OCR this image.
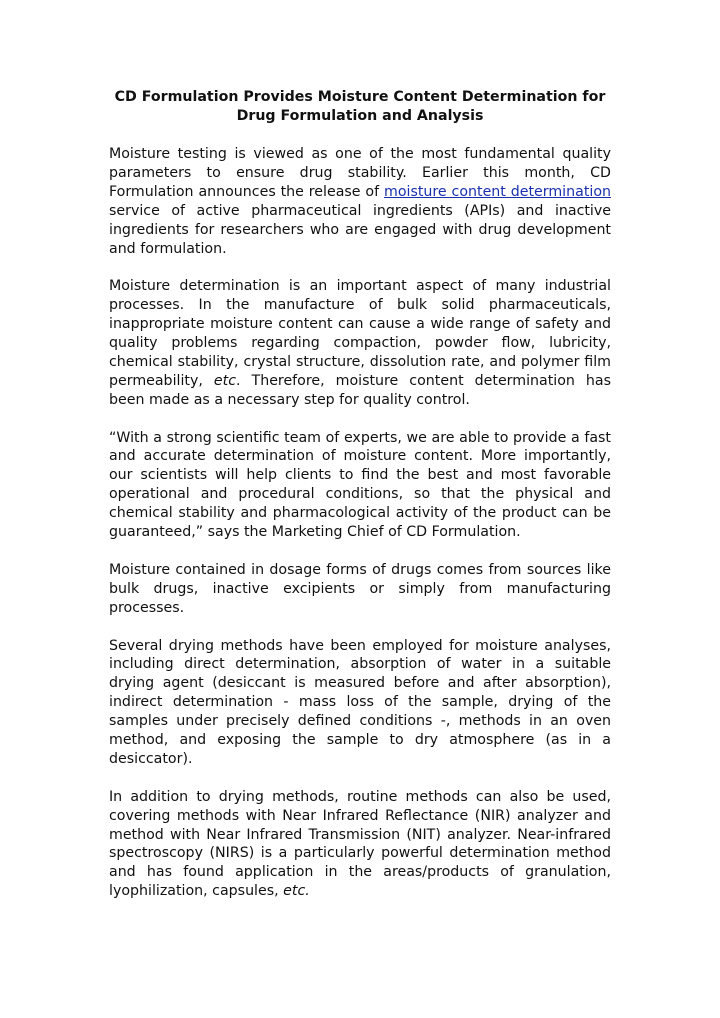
CD Formulation Provides Moisture Content Determination for Drug Formulation and Analysis

Moisture testing is viewed as one of the most fundamental quality parameters to ensure drug stability. Earlier this month, CD Formulation announces the release of moisture content determination service of active pharmaceutical ingredients (APIs) and inactive ingredients for researchers who are engaged with drug development and formulation.

Moisture determination is an important aspect of many industrial processes. In the manufacture of bulk solid pharmaceuticals, inappropriate moisture content can cause a wide range of safety and quality problems regarding compaction, powder flow, lubricity, chemical stability, crystal structure, dissolution rate, and polymer film permeability, etc. Therefore, moisture content determination has been made as a necessary step for quality control.

“With a strong scientific team of experts, we are able to provide a fast and accurate determination of moisture content. More importantly, our scientists will help clients to find the best and most favorable operational and procedural conditions, so that the physical and chemical stability and pharmacological activity of the product can be guaranteed,” says the Marketing Chief of CD Formulation.

Moisture contained in dosage forms of drugs comes from sources like bulk drugs, inactive excipients or simply from manufacturing processes.

Several drying methods have been employed for moisture analyses, including direct determination, absorption of water in a suitable drying agent (desiccant is measured before and after absorption), indirect determination - mass loss of the sample, drying of the samples under precisely defined conditions -, methods in an oven method, and exposing the sample to dry atmosphere (as in a desiccator).

In addition to drying methods, routine methods can also be used, covering methods with Near Infrared Reflectance (NIR) analyzer and method with Near Infrared Transmission (NIT) analyzer. Near-infrared spectroscopy (NIRS) is a particularly powerful determination method and has found application in the areas/products of granulation, lyophilization, capsules, etc.
